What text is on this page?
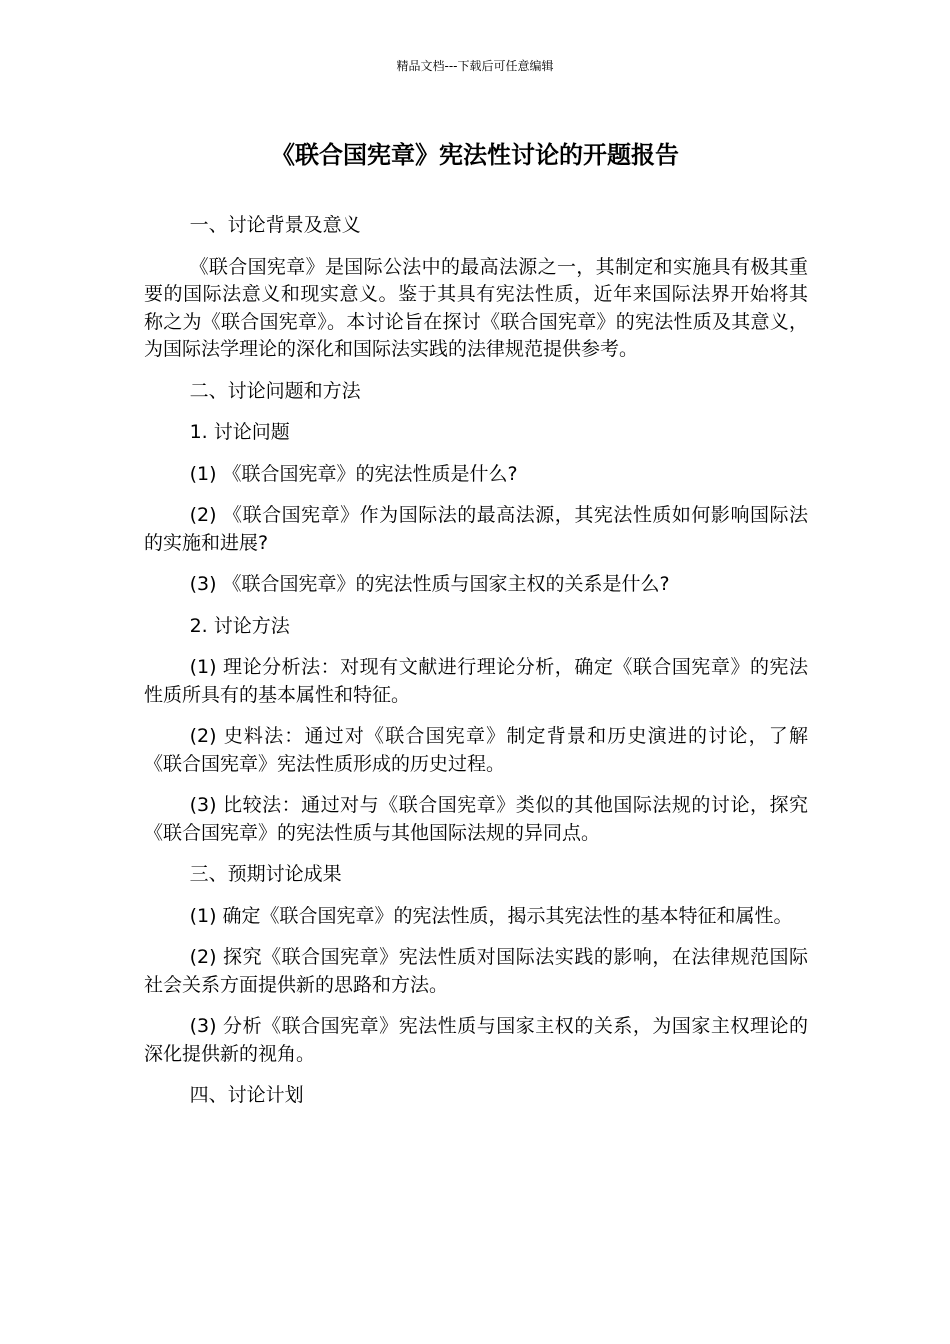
精品文档---下载后可任意编辑
《联合国宪章》宪法性讨论的开题报告

一、讨论背景及意义

《联合国宪章》是国际公法中的最高法源之一，其制定和实施具有极其重要的国际法意义和现实意义。鉴于其具有宪法性质，近年来国际法界开始将其称之为《联合国宪章》。本讨论旨在探讨《联合国宪章》的宪法性质及其意义，为国际法学理论的深化和国际法实践的法律规范提供参考。

二、讨论问题和方法

1. 讨论问题

(1) 《联合国宪章》的宪法性质是什么?

(2) 《联合国宪章》作为国际法的最高法源，其宪法性质如何影响国际法的实施和进展?

(3) 《联合国宪章》的宪法性质与国家主权的关系是什么?

2. 讨论方法

(1) 理论分析法：对现有文献进行理论分析，确定《联合国宪章》的宪法性质所具有的基本属性和特征。

(2) 史料法：通过对《联合国宪章》制定背景和历史演进的讨论，了解《联合国宪章》宪法性质形成的历史过程。

(3) 比较法：通过对与《联合国宪章》类似的其他国际法规的讨论，探究《联合国宪章》的宪法性质与其他国际法规的异同点。

三、预期讨论成果

(1) 确定《联合国宪章》的宪法性质，揭示其宪法性的基本特征和属性。

(2) 探究《联合国宪章》宪法性质对国际法实践的影响，在法律规范国际社会关系方面提供新的思路和方法。

(3) 分析《联合国宪章》宪法性质与国家主权的关系，为国家主权理论的深化提供新的视角。

四、讨论计划
